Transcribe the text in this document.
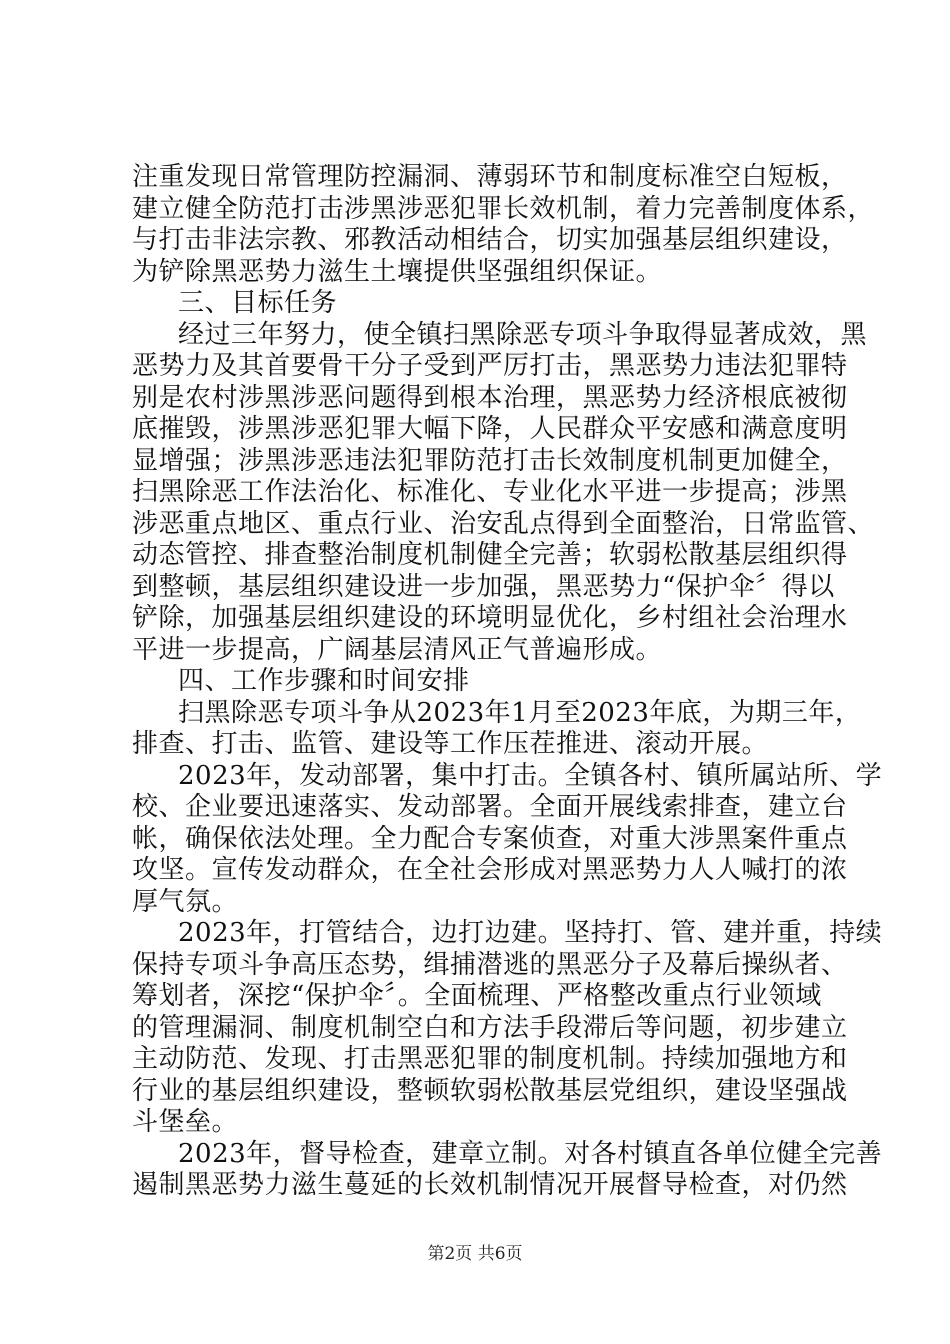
注重发现日常管理防控漏洞、薄弱环节和制度标准空白短板，
建立健全防范打击涉黑涉恶犯罪长效机制，着力完善制度体系，
与打击非法宗教、邪教活动相结合，切实加强基层组织建设，
为铲除黑恶势力滋生土壤提供坚强组织保证。
三、目标任务
经过三年努力，使全镇扫黑除恶专项斗争取得显著成效，黑
恶势力及其首要骨干分子受到严厉打击，黑恶势力违法犯罪特
别是农村涉黑涉恶问题得到根本治理，黑恶势力经济根底被彻
底摧毁，涉黑涉恶犯罪大幅下降，人民群众平安感和满意度明
显增强；涉黑涉恶违法犯罪防范打击长效制度机制更加健全，
扫黑除恶工作法治化、标准化、专业化水平进一步提高；涉黑
涉恶重点地区、重点行业、治安乱点得到全面整治，日常监管、
动态管控、排查整治制度机制健全完善；软弱松散基层组织得
到整顿，基层组织建设进一步加强，黑恶势力“保护伞〞得以
铲除，加强基层组织建设的环境明显优化，乡村组社会治理水
平进一步提高，广阔基层清风正气普遍形成。
四、工作步骤和时间安排
扫黑除恶专项斗争从2023年1月至2023年底，为期三年，
排查、打击、监管、建设等工作压茬推进、滚动开展。
2023年，发动部署，集中打击。全镇各村、镇所属站所、学
校、企业要迅速落实、发动部署。全面开展线索排查，建立台
帐，确保依法处理。全力配合专案侦查，对重大涉黑案件重点
攻坚。宣传发动群众，在全社会形成对黑恶势力人人喊打的浓
厚气氛。
2023年，打管结合，边打边建。坚持打、管、建并重，持续
保持专项斗争高压态势，缉捕潜逃的黑恶分子及幕后操纵者、
筹划者，深挖“保护伞〞。全面梳理、严格整改重点行业领域
的管理漏洞、制度机制空白和方法手段滞后等问题，初步建立
主动防范、发现、打击黑恶犯罪的制度机制。持续加强地方和
行业的基层组织建设，整顿软弱松散基层党组织，建设坚强战
斗堡垒。
2023年，督导检查，建章立制。对各村镇直各单位健全完善
遏制黑恶势力滋生蔓延的长效机制情况开展督导检查，对仍然
第2页 共6页
